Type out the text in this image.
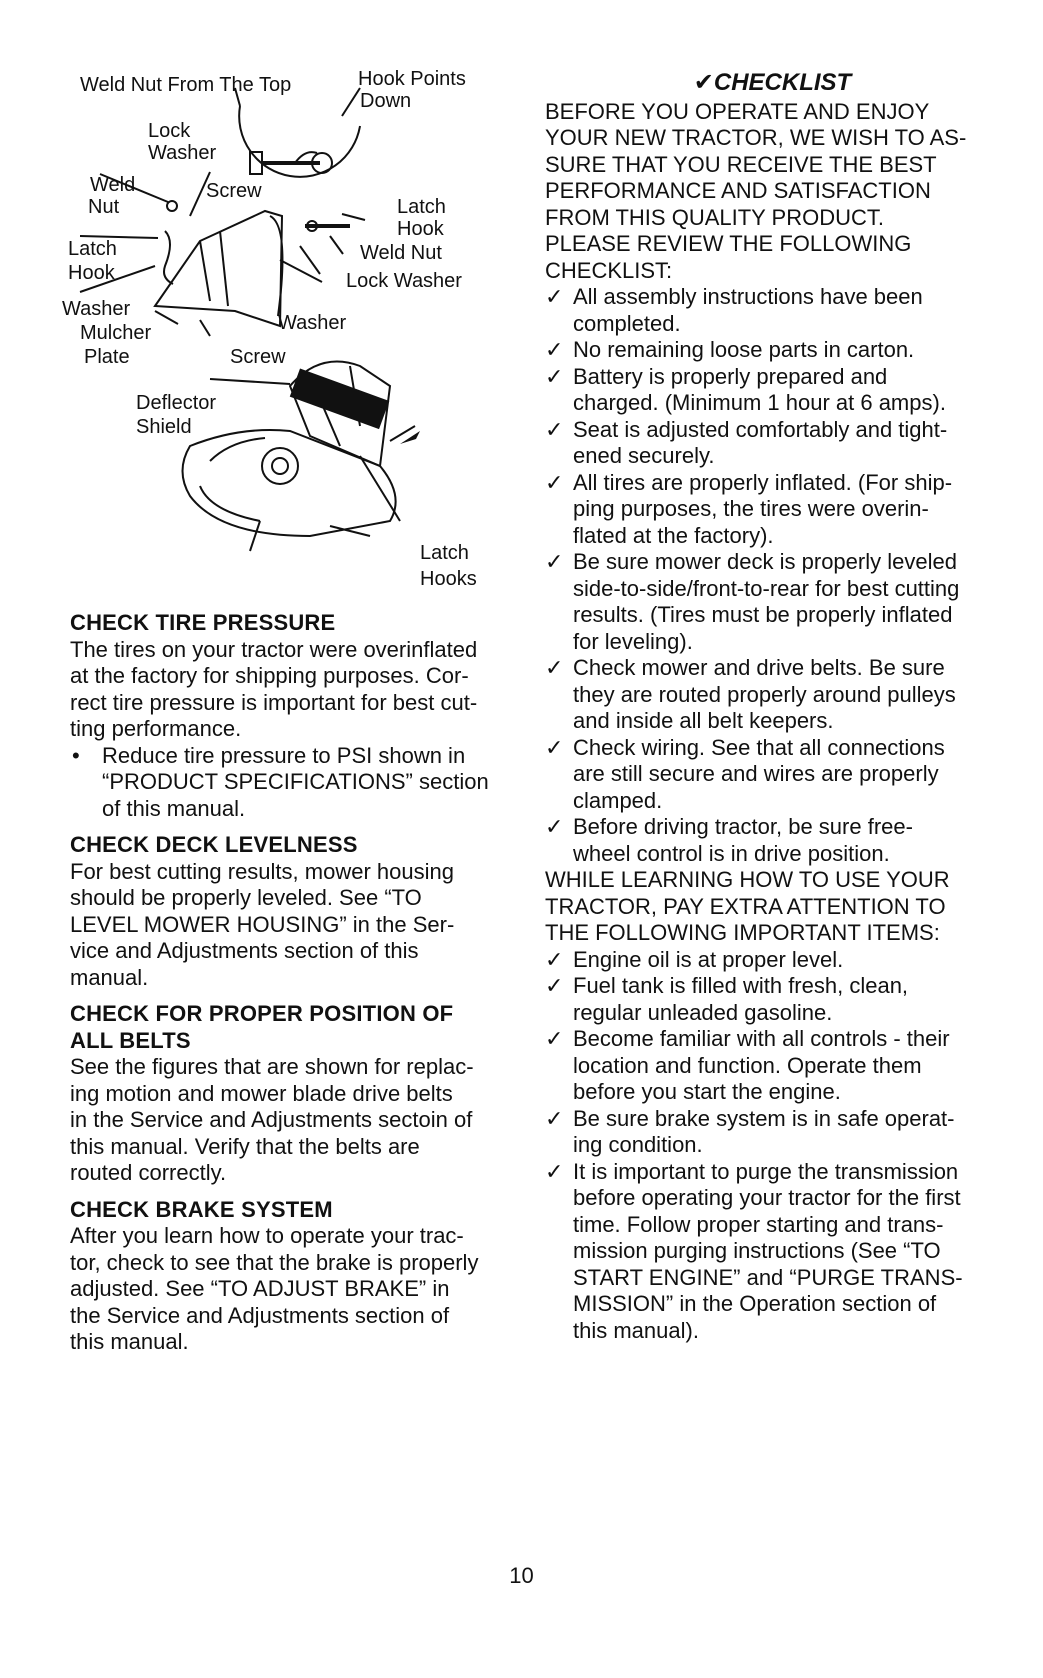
Weld Nut From The Top	Hook Points
Down
Lock
Washer
Weld
Nut
Screw
Latch
Hook
Latch
Hook
Weld Nut
Lock Washer
Washer
Washer
Mulcher
Plate	Screw
Deflector
Shield
Latch
Hooks
CHECK TIRE PRESSURE

The tires on your tractor were overinflated

at the factory for shipping purposes. Cor-

rect tire pressure is important for best cut-

ting performance.

• Reduce tire pressure to PSI shown in

“PRODUCT SPECIFICATIONS” section

of this manual.

CHECK DECK LEVELNESS

For best cutting results, mower housing

should be properly leveled. See “TO

LEVEL MOWER HOUSING” in the Ser-

vice and Adjustments section of this

manual.

CHECK FOR PROPER POSITION OF
ALL BELTS

See the figures that are shown for replac-

ing motion and mower blade drive belts

in the Service and Adjustments sectoin of

this manual. Verify that the belts are

routed correctly.

CHECK BRAKE SYSTEM

After you learn how to operate your trac-

tor, check to see that the brake is properly

adjusted. See “TO ADJUST BRAKE” in

the Service and Adjustments section of

this manual.

✔CHECKLIST

BEFORE YOU OPERATE AND ENJOY

YOUR NEW TRACTOR, WE WISH TO AS-

SURE THAT YOU RECEIVE THE BEST

PERFORMANCE AND SATISFACTION

FROM THIS QUALITY PRODUCT.

PLEASE REVIEW THE FOLLOWING

CHECKLIST:

✓ All assembly instructions have been

completed.

✓ No remaining loose parts in carton.

✓ Battery is properly prepared and

charged. (Minimum 1 hour at 6 amps).

✓ Seat is adjusted comfortably and tight-

ened securely.

✓ All tires are properly inflated. (For ship-

ping purposes, the tires were overin-

flated at the factory).

✓ Be sure mower deck is properly leveled

side-to-side/front-to-rear for best cutting

results. (Tires must be properly inflated

for leveling).

✓ Check mower and drive belts. Be sure

they are routed properly around pulleys

and inside all belt keepers.

✓ Check wiring. See that all connections

are still secure and wires are properly

clamped.

✓ Before driving tractor, be sure free-

wheel control is in drive position.

WHILE LEARNING HOW TO USE YOUR

TRACTOR, PAY EXTRA ATTENTION TO

THE FOLLOWING IMPORTANT ITEMS:

✓ Engine oil is at proper level.

✓ Fuel tank is filled with fresh, clean,

regular unleaded gasoline.

✓ Become familiar with all controls - their

location and function. Operate them

before you start the engine.

✓ Be sure brake system is in safe operat-

ing condition.

✓ It is important to purge the transmission

before operating your tractor for the first

time. Follow proper starting and trans-

mission purging instructions (See “TO

START ENGINE” and “PURGE TRANS-

MISSION” in the Operation section of

this manual).

10
